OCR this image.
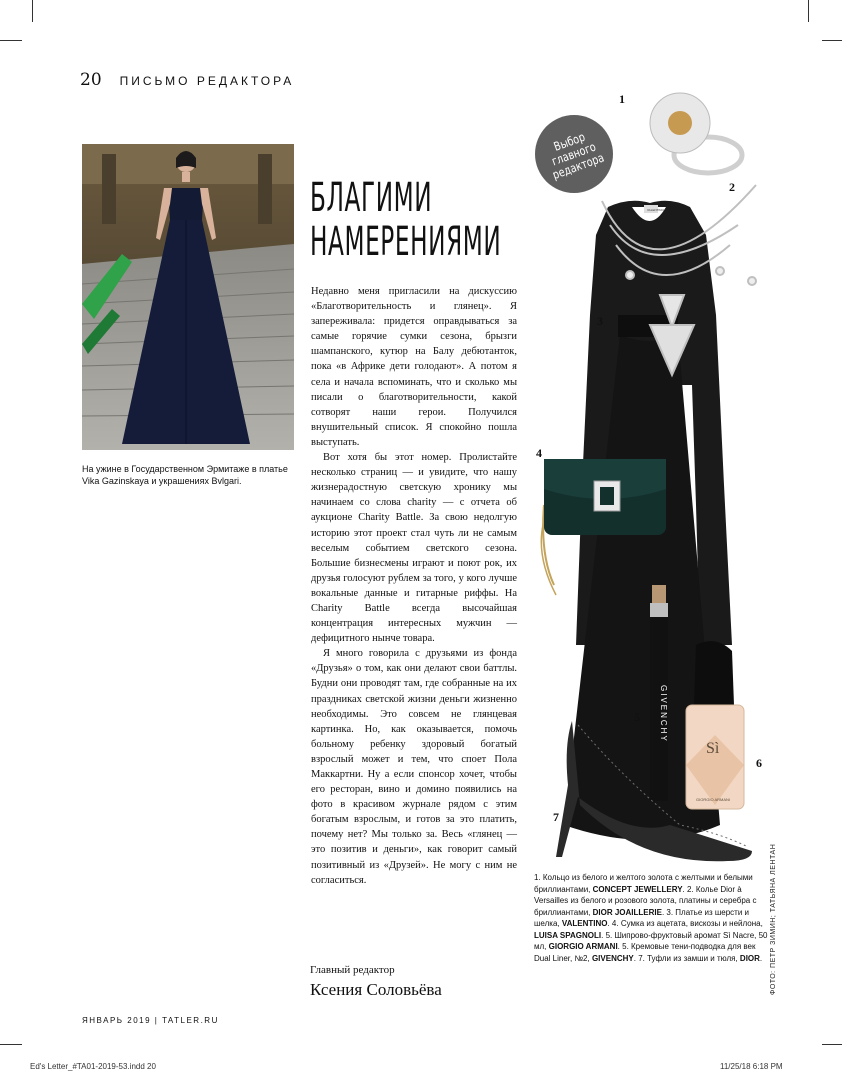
20 ПИСЬМО РЕДАКТОРА
На ужине в Государственном Эрмитаже в платье Vika Gazinskaya и украшениях Bvlgari.
БЛАГИМИ
НАМЕРЕНИЯМИ

Недавно меня пригласили на дискуссию «Благотворительность и глянец». Я запереживала: придется оправдываться за самые горячие сумки сезона, брызги шампанского, кутюр на Балу дебютанток, пока «в Африке дети голодают». А потом я села и начала вспоминать, что и сколько мы писали о благотворительности, какой сотворят наши герои. Получился внушительный список. Я спокойно пошла выступать.

Вот хотя бы этот номер. Пролистайте несколько страниц — и увидите, что нашу жизнерадостную светскую хронику мы начинаем со слова charity — с отчета об аукционе Charity Battle. За свою недолгую историю этот проект стал чуть ли не самым веселым событием светского сезона. Большие бизнесмены играют и поют рок, их друзья голосуют рублем за того, у кого лучше вокальные данные и гитарные риффы. На Charity Battle всегда высочайшая концентрация интересных мужчин — дефицитного нынче товара.

Я много говорила с друзьями из фонда «Друзья» о том, как они делают свои баттлы. Будни они проводят там, где собранные на их праздниках светской жизни деньги жизненно необходимы. Это совсем не глянцевая картинка. Но, как оказывается, помочь больному ребенку здоровый богатый взрослый может и тем, что споет Пола Маккартни. Ну а если спонсор хочет, чтобы его ресторан, вино и домино появились на фото в красивом журнале рядом с этим богатым взрослым, и готов за это платить, почему нет? Мы только за. Весь «глянец — это позитив и деньги», как говорит самый позитивный из «Друзей». Не могу с ним не согласиться.

Главный редактор
Ксения Соловьёва
VALENTINO
GIVENCHY
Sì
GIORGIO ARMANI
Выбор главного редактора
1
2
3
4
5
6
7
1. Кольцо из белого и желтого золота с желтыми и белыми бриллиантами, CONCEPT JEWELLERY. 2. Колье Dior à Versailles из белого и розового золота, платины и серебра с бриллиантами, DIOR JOAILLERIE. 3. Платье из шерсти и шелка, VALENTINO. 4. Сумка из ацетата, вискозы и нейлона, LUISA SPAGNOLI. 5. Шипрово-фруктовый аромат Sì Nacre, 50 мл, GIORGIO ARMANI. 5. Кремовые тени-подводка для век Dual Liner, №2, GIVENCHY. 7. Туфли из замши и тюля, DIOR.	ФОТО: ПЕТР ЗИМИН; ТАТЬЯНА ЛЕНТАН
ЯНВАРЬ 2019 | TATLER.RU
Ed's Letter_#TA01-2019-53.indd 20	11/25/18 6:18 PM
